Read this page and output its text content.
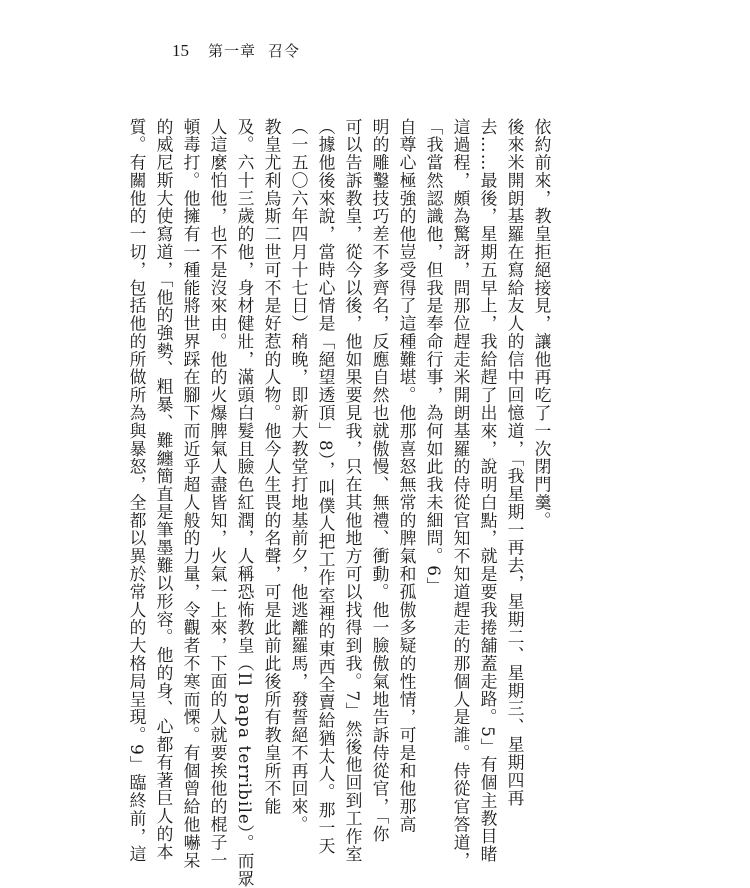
15	第一章 召令
依約前來，教皇拒絕接見，讓他再吃了一次閉門羹。
後來米開朗基羅在寫給友人的信中回憶道，「我星期一再去，星期二、星期三、星期四再
去……最後，星期五早上，我給趕了出來，說明白點，就是要我捲舖蓋走路。5」有個主教目睹
這過程，頗為驚訝，問那位趕走米開朗基羅的侍從官知不知道趕走的那個人是誰。侍從官答道，
「我當然認識他，但我是奉命行事，為何如此我未細問。6」
自尊心極強的他豈受得了這種難堪。他那喜怒無常的脾氣和孤傲多疑的性情，可是和他那高
明的雕鑿技巧差不多齊名，反應自然也就傲慢、無禮、衝動。他一臉傲氣地告訴侍從官，「你
可以告訴教皇，從今以後，他如果要見我，只在其他地方可以找得到我。7」然後他回到工作室
（據他後來說，當時心情是「絕望透頂」8），叫僕人把工作室裡的東西全賣給猶太人。那一天
（一五〇六年四月十七日）稍晚，即新大教堂打地基前夕，他逃離羅馬，發誓絕不再回來。
教皇尤利烏斯二世可不是好惹的人物。他今人生畏的名聲，可是此前此後所有教皇所不能
及。六十三歲的他，身材健壯，滿頭白髮且臉色紅潤，人稱恐怖教皇（Il papa terribile）。而眾
人這麼怕他，也不是沒來由。他的火爆脾氣人盡皆知，火氣一上來，下面的人就要挨他的棍子一
頓毒打。他擁有一種能將世界踩在腳下而近乎超人般的力量，令觀者不寒而慄。有個曾給他嚇呆
的威尼斯大使寫道，「他的強勢、粗暴、難纏簡直是筆墨難以形容。他的身、心都有著巨人的本
質。有關他的一切，包括他的所做所為與暴怒，全都以異於常人的大格局呈現。9」臨終前，這
